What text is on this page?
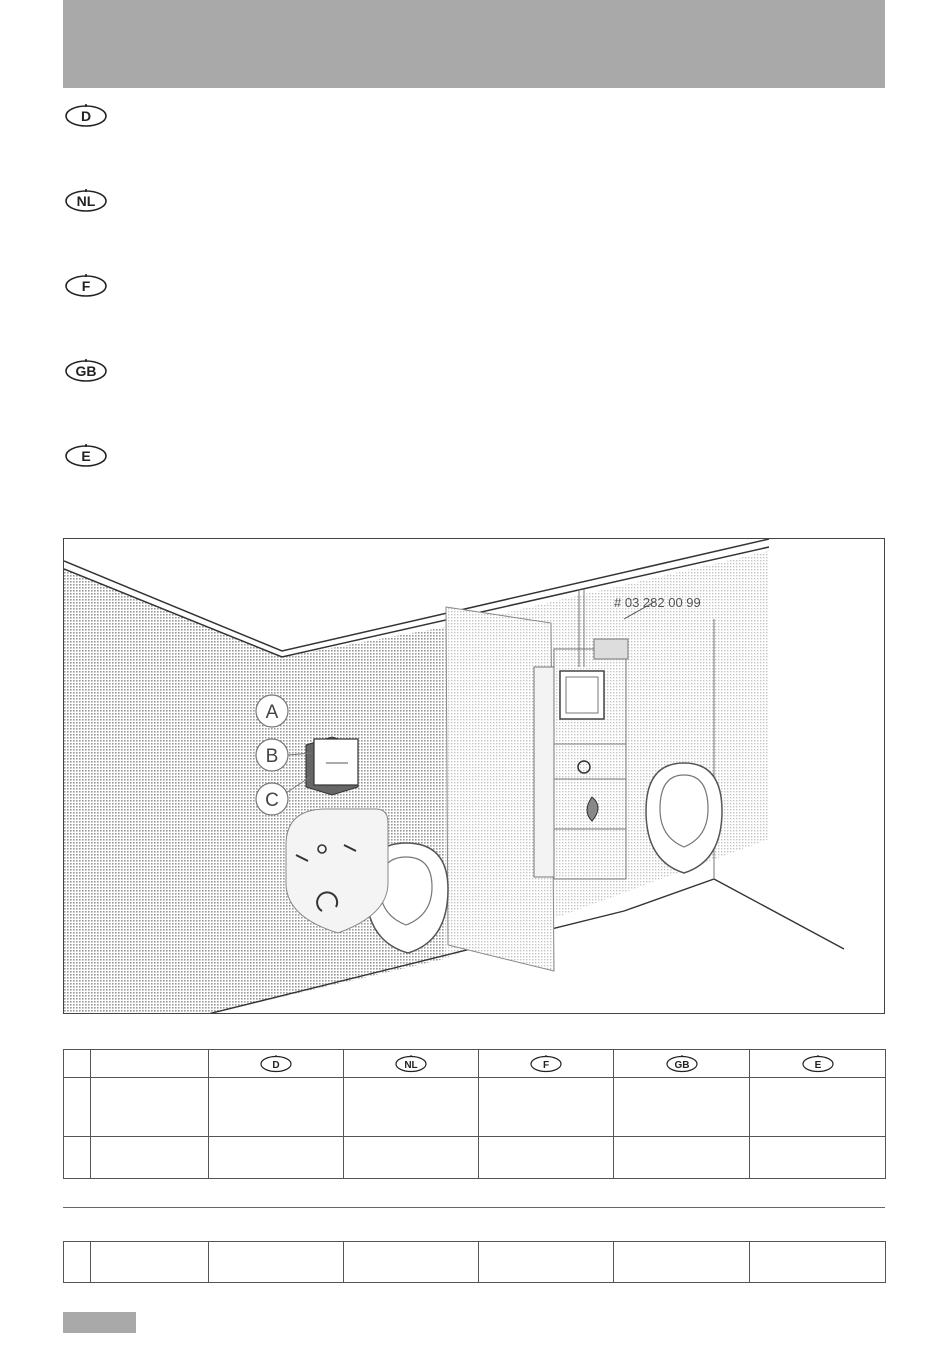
D
NL
F
GB
E
# 03 282 00 99
A
B
C

D	NL	F	GB	E
